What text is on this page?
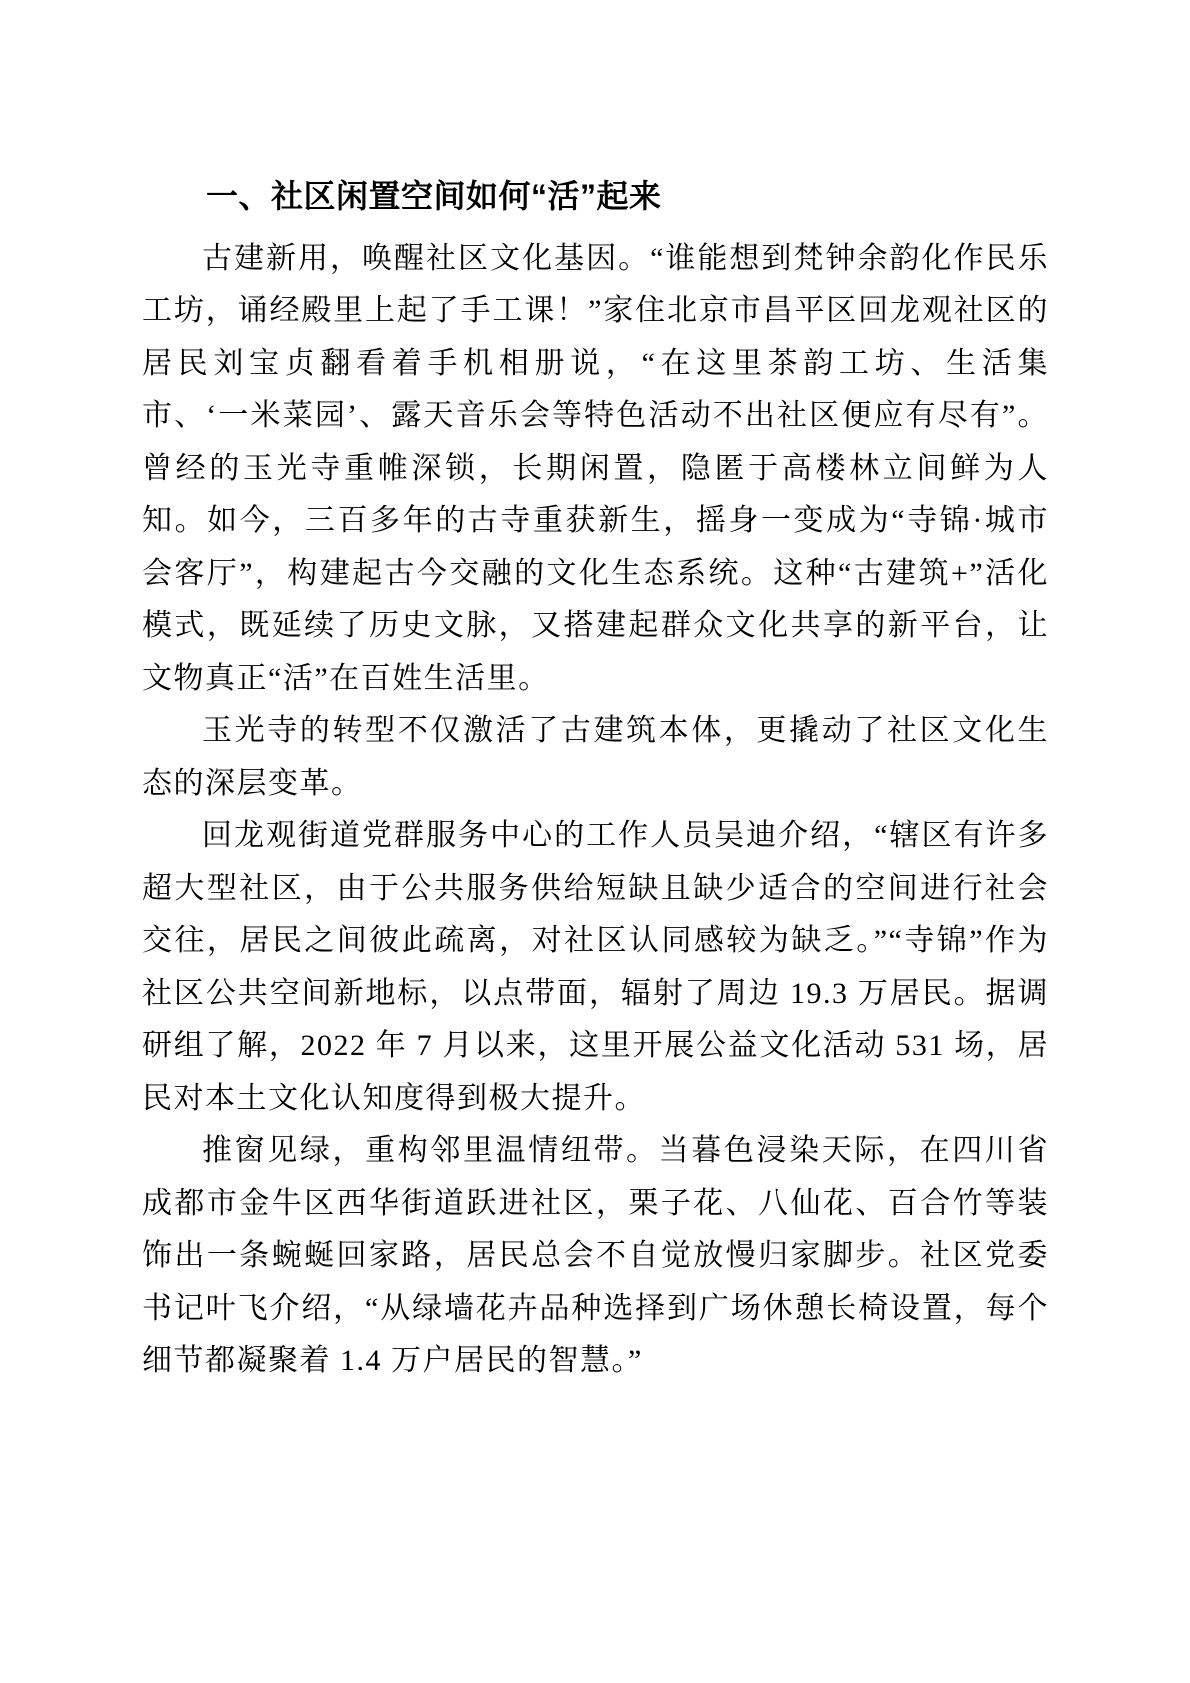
一、社区闲置空间如何“活”起来

古建新用，唤醒社区文化基因。“谁能想到梵钟余韵化作民乐工坊，诵经殿里上起了手工课！”家住北京市昌平区回龙观社区的居民刘宝贞翻看着手机相册说，“在这里茶韵工坊、生活集市、‘一米菜园’、露天音乐会等特色活动不出社区便应有尽有”。曾经的玉光寺重帷深锁，长期闲置，隐匿于高楼林立间鲜为人知。如今，三百多年的古寺重获新生，摇身一变成为“寺锦·城市会客厅”，构建起古今交融的文化生态系统。这种“古建筑+”活化模式，既延续了历史文脉，又搭建起群众文化共享的新平台，让文物真正“活”在百姓生活里。

玉光寺的转型不仅激活了古建筑本体，更撬动了社区文化生态的深层变革。

回龙观街道党群服务中心的工作人员吴迪介绍，“辖区有许多超大型社区，由于公共服务供给短缺且缺少适合的空间进行社会交往，居民之间彼此疏离，对社区认同感较为缺乏。”“寺锦”作为社区公共空间新地标，以点带面，辐射了周边 19.3 万居民。据调研组了解，2022 年 7 月以来，这里开展公益文化活动 531 场，居民对本土文化认知度得到极大提升。

推窗见绿，重构邻里温情纽带。当暮色浸染天际，在四川省成都市金牛区西华街道跃进社区，栗子花、八仙花、百合竹等装饰出一条蜿蜒回家路，居民总会不自觉放慢归家脚步。社区党委书记叶飞介绍，“从绿墙花卉品种选择到广场休憩长椅设置，每个细节都凝聚着 1.4 万户居民的智慧。”
